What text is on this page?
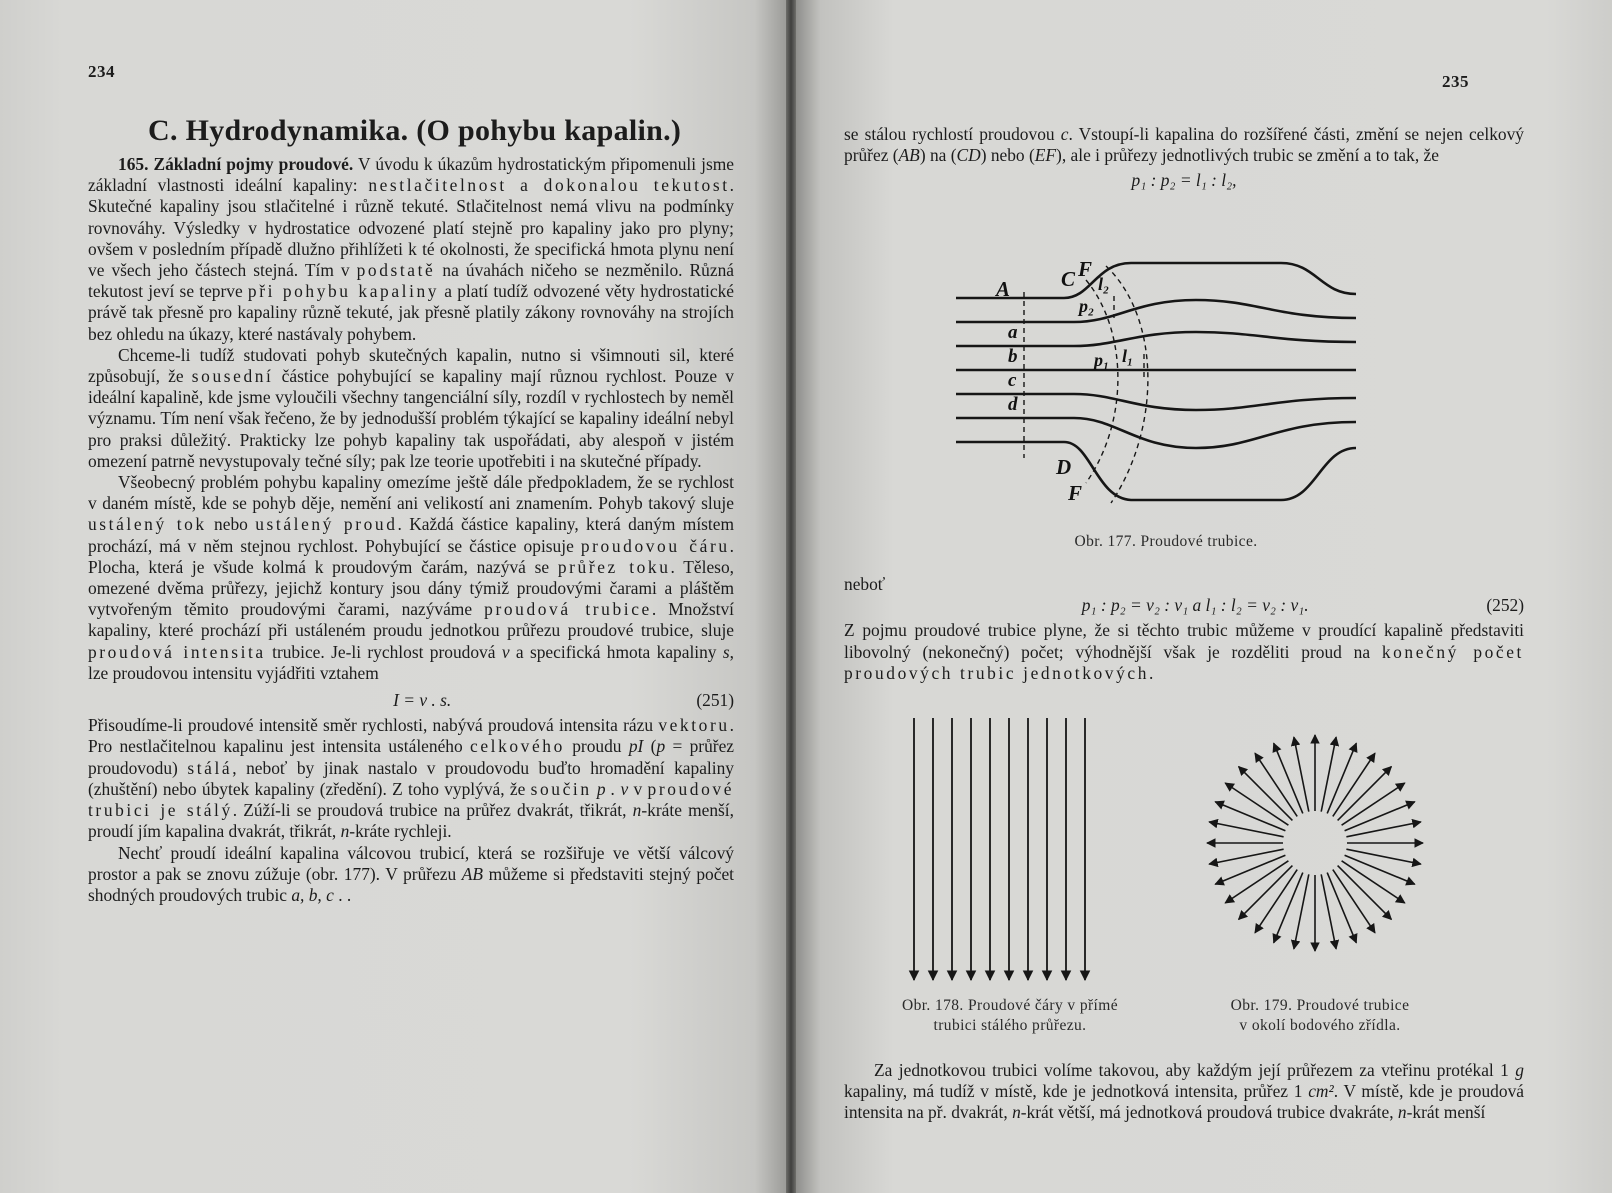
234
C. Hydrodynamika. (O pohybu kapalin.)

165. Základní pojmy proudové. V úvodu k úkazům hydrostatickým připomenuli jsme základní vlastnosti ideální kapaliny: nestlačitelnost a dokonalou tekutost. Skutečné kapaliny jsou stlačitelné i různě tekuté. Stlačitelnost nemá vlivu na podmínky rovnováhy. Výsledky v hydrostatice odvozené platí stejně pro kapaliny jako pro plyny; ovšem v posledním případě dlužno přihlížeti k té okolnosti, že specifická hmota plynu není ve všech jeho částech stejná. Tím v podstatě na úvahách ničeho se nezměnilo. Různá tekutost jeví se teprve při pohybu kapaliny a platí tudíž odvozené věty hydrostatické právě tak přesně pro kapaliny různě tekuté, jak přesně platily zákony rovnováhy na strojích bez ohledu na úkazy, které nastávaly pohybem.

Chceme-li tudíž studovati pohyb skutečných kapalin, nutno si všimnouti sil, které způsobují, že sousední částice pohybující se kapaliny mají různou rychlost. Pouze v ideální kapalině, kde jsme vyloučili všechny tangenciální síly, rozdíl v rychlostech by neměl významu. Tím není však řečeno, že by jednodušší problém týkající se kapaliny ideální nebyl pro praksi důležitý. Prakticky lze pohyb kapaliny tak uspořádati, aby alespoň v jistém omezení patrně nevystupovaly tečné síly; pak lze teorie upotřebiti i na skutečné případy.

Všeobecný problém pohybu kapaliny omezíme ještě dále předpokladem, že se rychlost v daném místě, kde se pohyb děje, nemění ani velikostí ani znamením. Pohyb takový sluje ustálený tok nebo ustálený proud. Každá částice kapaliny, která daným místem prochází, má v něm stejnou rychlost. Pohybující se částice opisuje proudovou čáru. Plocha, která je všude kolmá k proudovým čarám, nazývá se průřez toku. Těleso, omezené dvěma průřezy, jejichž kontury jsou dány týmiž proudovými čarami a pláštěm vytvořeným těmito proudovými čarami, nazýváme proudová trubice. Množství kapaliny, které prochází při ustáleném proudu jednotkou průřezu proudové trubice, sluje proudová intensita trubice. Je-li rychlost proudová v a specifická hmota kapaliny s, lze proudovou intensitu vyjádřiti vztahem

I = v . s.	(251)

Přisoudíme-li proudové intensitě směr rychlosti, nabývá proudová intensita rázu vektoru. Pro nestlačitelnou kapalinu jest intensita ustáleného celkového proudu pI (p = průřez proudovodu) stálá, neboť by jinak nastalo v proudovodu buďto hromadění kapaliny (zhuštění) nebo úbytek kapaliny (zředění). Z toho vyplývá, že součin p . v v proudové trubici je stálý. Zúží-li se proudová trubice na průřez dvakrát, třikrát, n-kráte menší, proudí jím kapalina dvakrát, třikrát, n-kráte rychleji.

Nechť proudí ideální kapalina válcovou trubicí, která se rozšiřuje ve větší válcový prostor a pak se znovu zúžuje (obr. 177). V průřezu AB můžeme si představiti stejný počet shodných proudových trubic a, b, c . .

235

se stálou rychlostí proudovou c. Vstoupí-li kapalina do rozšířené části, změní se nejen celkový průřez (AB) na (CD) nebo (EF), ale i průřezy jednotlivých trubic se změní a to tak, že

p₁ : p₂ = l₁ : l₂,
A
a
b
c
d
C F
D
F
l₂
p₂
p₁ l₁
Obr. 177. Proudové trubice.

neboť

p₁ : p₂ = v₂ : v₁ a l₁ : l₂ = v₂ : v₁.	(252)

Z pojmu proudové trubice plyne, že si těchto trubic můžeme v proudící kapalině představiti libovolný (nekonečný) počet; výhodnější však je rozděliti proud na konečný počet proudových trubic jednotkových.

Obr. 178. Proudové čáry v přímé
trubici stálého průřezu.
Obr. 179. Proudové trubice
v okolí bodového zřídla.

Za jednotkovou trubici volíme takovou, aby každým její průřezem za vteřinu protékal 1 g kapaliny, má tudíž v místě, kde je jednotková intensita, průřez 1 cm². V místě, kde je proudová intensita na př. dvakrát, n-krát větší, má jednotková proudová trubice dvakráte, n-krát menší
